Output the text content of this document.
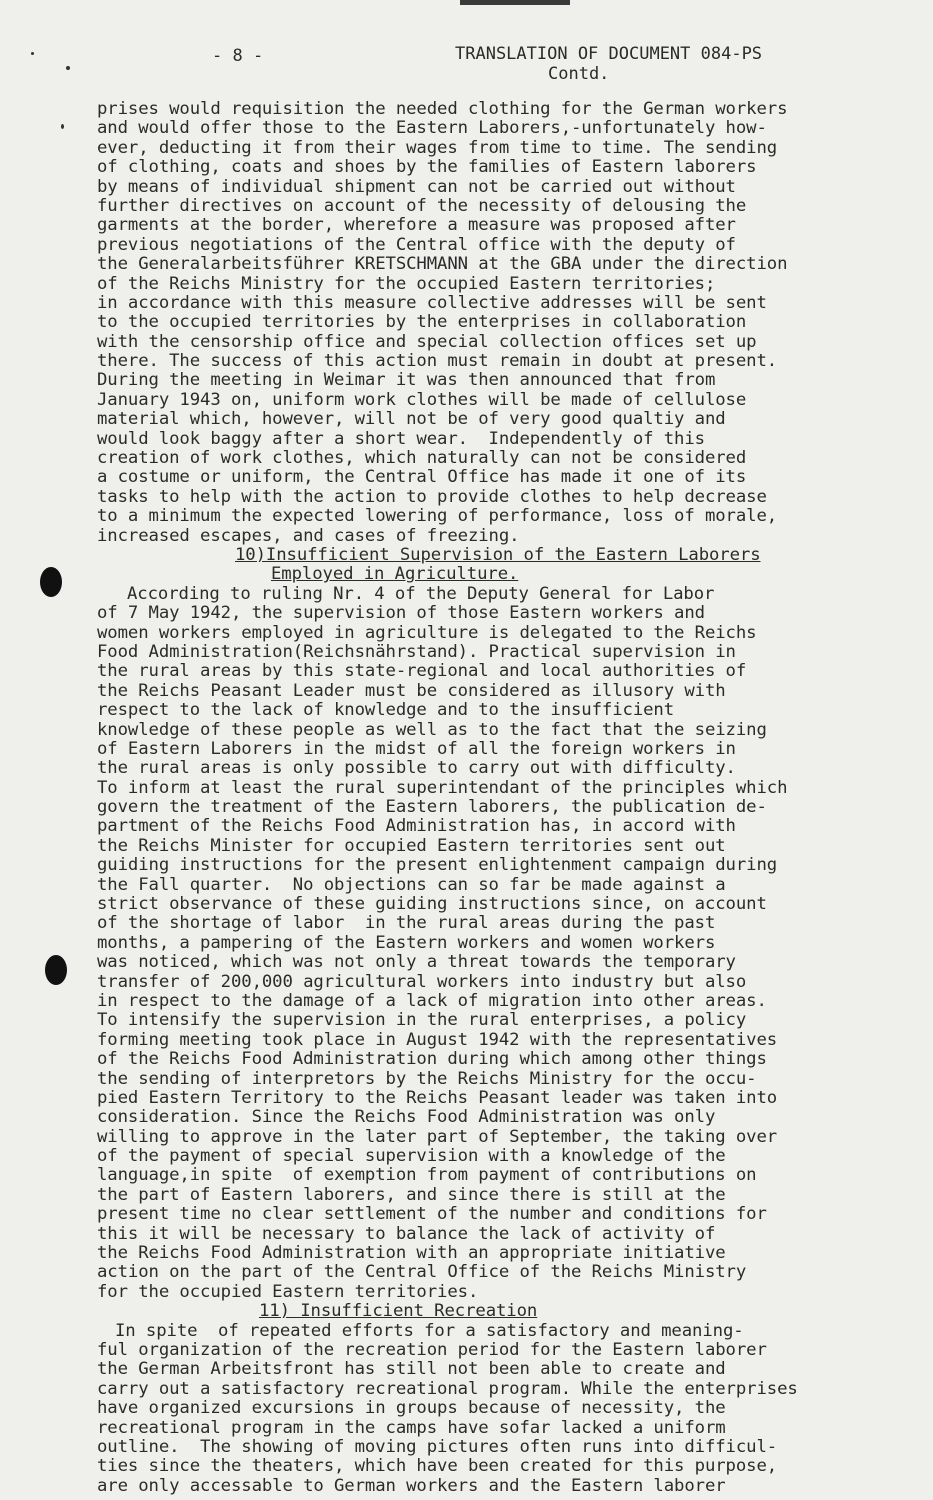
- 8 -	TRANSLATION OF DOCUMENT 084-PS
Contd.
prises would requisition the needed clothing for the German workers
and would offer those to the Eastern Laborers,-unfortunately how-
ever, deducting it from their wages from time to time. The sending
of clothing, coats and shoes by the families of Eastern laborers
by means of individual shipment can not be carried out without
further directives on account of the necessity of delousing the
garments at the border, wherefore a measure was proposed after
previous negotiations of the Central office with the deputy of
the Generalarbeitsführer KRETSCHMANN at the GBA under the direction
of the Reichs Ministry for the occupied Eastern territories;
in accordance with this measure collective addresses will be sent
to the occupied territories by the enterprises in collaboration
with the censorship office and special collection offices set up
there. The success of this action must remain in doubt at present.
During the meeting in Weimar it was then announced that from
January 1943 on, uniform work clothes will be made of cellulose
material which, however, will not be of very good qualtiy and
would look baggy after a short wear.  Independently of this
creation of work clothes, which naturally can not be considered
a costume or uniform, the Central Office has made it one of its
tasks to help with the action to provide clothes to help decrease
to a minimum the expected lowering of performance, loss of morale,
increased escapes, and cases of freezing.
10)Insufficient Supervision of the Eastern Laborers
Employed in Agriculture.
According to ruling Nr. 4 of the Deputy General for Labor
of 7 May 1942, the supervision of those Eastern workers and
women workers employed in agriculture is delegated to the Reichs
Food Administration(Reichsnährstand). Practical supervision in
the rural areas by this state-regional and local authorities of
the Reichs Peasant Leader must be considered as illusory with
respect to the lack of knowledge and to the insufficient
knowledge of these people as well as to the fact that the seizing
of Eastern Laborers in the midst of all the foreign workers in
the rural areas is only possible to carry out with difficulty.
To inform at least the rural superintendant of the principles which
govern the treatment of the Eastern laborers, the publication de-
partment of the Reichs Food Administration has, in accord with
the Reichs Minister for occupied Eastern territories sent out
guiding instructions for the present enlightenment campaign during
the Fall quarter.  No objections can so far be made against a
strict observance of these guiding instructions since, on account
of the shortage of labor  in the rural areas during the past
months, a pampering of the Eastern workers and women workers
was noticed, which was not only a threat towards the temporary
transfer of 200,000 agricultural workers into industry but also
in respect to the damage of a lack of migration into other areas.
To intensify the supervision in the rural enterprises, a policy
forming meeting took place in August 1942 with the representatives
of the Reichs Food Administration during which among other things
the sending of interpretors by the Reichs Ministry for the occu-
pied Eastern Territory to the Reichs Peasant leader was taken into
consideration. Since the Reichs Food Administration was only
willing to approve in the later part of September, the taking over
of the payment of special supervision with a knowledge of the
language,in spite  of exemption from payment of contributions on
the part of Eastern laborers, and since there is still at the
present time no clear settlement of the number and conditions for
this it will be necessary to balance the lack of activity of
the Reichs Food Administration with an appropriate initiative
action on the part of the Central Office of the Reichs Ministry
for the occupied Eastern territories.
11) Insufficient Recreation
In spite  of repeated efforts for a satisfactory and meaning-
ful organization of the recreation period for the Eastern laborer
the German Arbeitsfront has still not been able to create and
carry out a satisfactory recreational program. While the enterprises
have organized excursions in groups because of necessity, the
recreational program in the camps have sofar lacked a uniform
outline.  The showing of moving pictures often runs into difficul-
ties since the theaters, which have been created for this purpose,
are only accessable to German workers and the Eastern laborer
